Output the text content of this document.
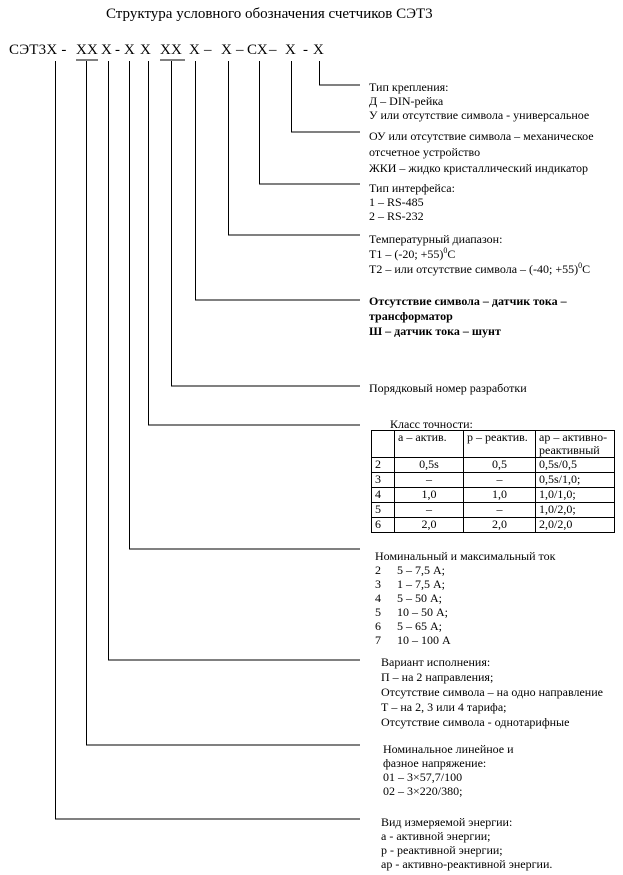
Структура условного обозначения счетчиков СЭТ3
СЭТ3Х - ХХ Х - Х Х ХХ Х – Х – СХ – Х - Х
Тип крепления:
Д – DIN-рейка
У или отсутствие символа - универсальное
ОУ или отсутствие символа – механическое
отсчетное устройство
ЖКИ – жидко кристаллический индикатор
Тип интерфейса:
1 – RS-485
2 – RS-232
Температурный диапазон:
Т1 – (-20; +55)$^0$С
Т2 – или отсутствие символа – (-40; +55)$^0$С
Отсутствие символа – датчик тока –
трансформатор
Ш – датчик тока – шунт
Порядковый номер разработки
Класс точности:
	а – актив.	р – реактив.	ар – активно-реактивный
2	0,5s	0,5	0,5s/0,5
3	–	–	0,5s/1,0;
4	1,0	1,0	1,0/1,0;
5	–	–	1,0/2,0;
6	2,0	2,0	2,0/2,0
Номинальный и максимальный ток
2 5 – 7,5 А;
3 1 – 7,5 А;
4 5 – 50 А;
5 10 – 50 А;
6 5 – 65 А;
7 10 – 100 А
Вариант исполнения:
П – на 2 направления;
Отсутствие символа – на одно направление
Т – на 2, 3 или 4 тарифа;
Отсутствие символа - однотарифные
Номинальное линейное и
фазное напряжение:
01 – 3×57,7/100
02 – 3×220/380;
Вид измеряемой энергии:
а - активной энергии;
р - реактивной энергии;
ар - активно-реактивной энергии.
